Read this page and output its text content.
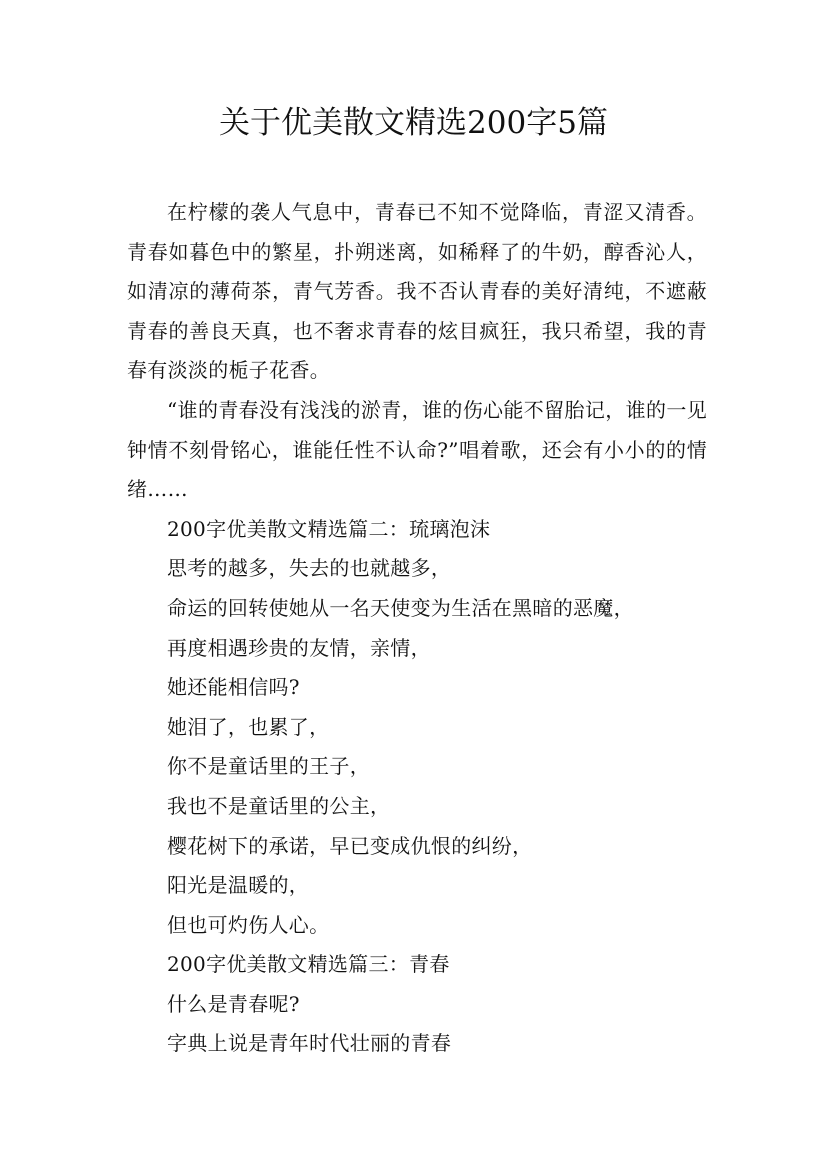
关于优美散文精选200字5篇

在柠檬的袭人气息中，青春已不知不觉降临，青涩又清香。青春如暮色中的繁星，扑朔迷离，如稀释了的牛奶，醇香沁人，如清凉的薄荷茶，青气芳香。我不否认青春的美好清纯，不遮蔽青春的善良天真，也不奢求青春的炫目疯狂，我只希望，我的青春有淡淡的栀子花香。

“谁的青春没有浅浅的淤青，谁的伤心能不留胎记，谁的一见钟情不刻骨铭心，谁能任性不认命?”唱着歌，还会有小小的的情绪……

200字优美散文精选篇二：琉璃泡沫

思考的越多，失去的也就越多，

命运的回转使她从一名天使变为生活在黑暗的恶魔，

再度相遇珍贵的友情，亲情，

她还能相信吗?

她泪了，也累了，

你不是童话里的王子，

我也不是童话里的公主，

樱花树下的承诺，早已变成仇恨的纠纷，

阳光是温暖的，

但也可灼伤人心。

200字优美散文精选篇三：青春

什么是青春呢?

字典上说是青年时代壮丽的青春
